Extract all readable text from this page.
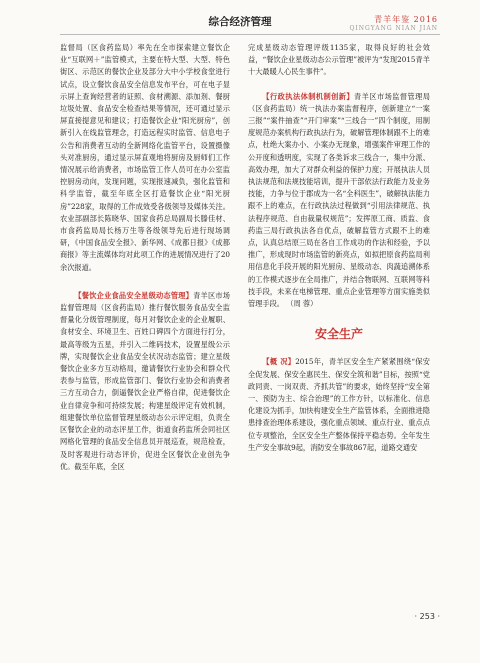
综合经济管理	青羊年鉴 2016
QINGYANG NIAN JIAN

监督局（区食药监局）率先在全市探索建立餐饮企业“互联网＋”监管模式，主要在特大型、大型、特色街区、示范区的餐饮企业及部分大中小学校食堂进行试点，设立餐饮食品安全信息发布平台，可在电子显示屏上查询经营者的证照、食材溯源、添加剂、餐厨垃圾处置、食品安全检查结果等情况，还可通过显示屏直接提意见和建议；打造餐饮企业“阳光厨房”，创新引入在线监管理念，打造远程实时监管、信息电子公告和消费者互动的全新网络化监管平台，设置摄像头对准厨房，通过显示屏直观地将厨房及厨师们工作情况展示给消费者，市场监管工作人员可在办公室监控厨房动向，发现问题，实现报速减负，强化监管和科学监管，截至年底全区打造餐饮企业“阳光厨房”228家，取得的工作成效受各级领导及媒体关注。农业部副部长陈晓华、国家食药总局副局长滕佳材、市食药监局局长杨万生等各级领导先后进行现场调研，《中国食品安全报》、新华网、《成都日报》《成都商报》等主流媒体均对此项工作的进展情况进行了20余次报道。

【餐饮企业食品安全星级动态管理】青羊区市场监督管理局（区食药监局）推行餐饮服务食品安全监督量化分级管理制度，每月对餐饮企业的企业履职、食材安全、环境卫生、百姓口碑四个方面进行打分，最高等级为五星，并引入二维码技术，设置星级公示牌，实现餐饮企业食品安全状况动态监管；建立星级餐饮企业多方互动格局，邀请餐饮行业协会和群众代表参与监管，形成监管部门、餐饮行业协会和消费者三方互动合力，倒逼餐饮企业严格自律，促进餐饮企业自律竞争和可持续发展；构建星级评定有效机制，组建餐饮单位监督管理星级动态公示评定组，负责全区餐饮企业的动态评星工作，街道食药监所会同社区网格化管理的食品安全信息员开展巡查，规范检查，及时客观进行动态评价，促进全区餐饮企业创先争优。截至年底，全区

完成星级动态管理评级1135家，取得良好的社会效益，“餐饮企业星级动态公示管理”被评为“发现2015青羊十大最暖人心民生事件”。

【行政执法体制机制创新】青羊区市场监督管理局（区食药监局）统一执法办案监督程序，创新建立“一案三报”“案件抽查”“开门审案”“三线合一”四个制度，用制度规范办案机构行政执法行为，破解管理体制跟不上的难点，杜绝大案办小、小案办无现象，增强案件审理工作的公开度和透明度，实现了各类诉求三线合一，集中分派、高效办理，加大了对群众利益的保护力度；开展执法人员执法规范和法规技能培训，提升干部依法行政能力及业务技能，力争与位于郡成为一名“全科医生”，破解执法能力跟不上的难点，在行政执法过程做到“引用法律规范、执法程序规范、自由裁量权规范”；发挥原工商、质监、食药监三局行政执法各自优点，破解监管方式跟不上的难点，认真总结原三局在各自工作成功的作法和经验，予以推广，形成现时市场监管的新亮点，如拟把原食药监局利用信息化手段开展的阳光厨房、星级动态、肉蔬追溯体系的工作模式逐步在全局推广，并结合物联网、互联网等科技手段，未来在电梯管理、重点企业管理等方面实施类似管理手段。 （周 蓉）

安全生产

【概 况】2015年，青羊区安全生产紧紧围绕“保安全促发展、保安全惠民生、保安全筑和谐”目标，按照“党政同责、一岗双责、齐抓共管”的要求，始终坚持“安全第一、预防为主、综合治理”的工作方针，以标准化、信息化建设为抓手，加快构建安全生产监管体系，全面推进隐患排查治理体系建设，强化重点领域、重点行业、重点点位专项整治，全区安全生产整体保持平稳态势。全年发生生产安全事故9起，消防安全事故867起，道路交通安

· 253 ·
